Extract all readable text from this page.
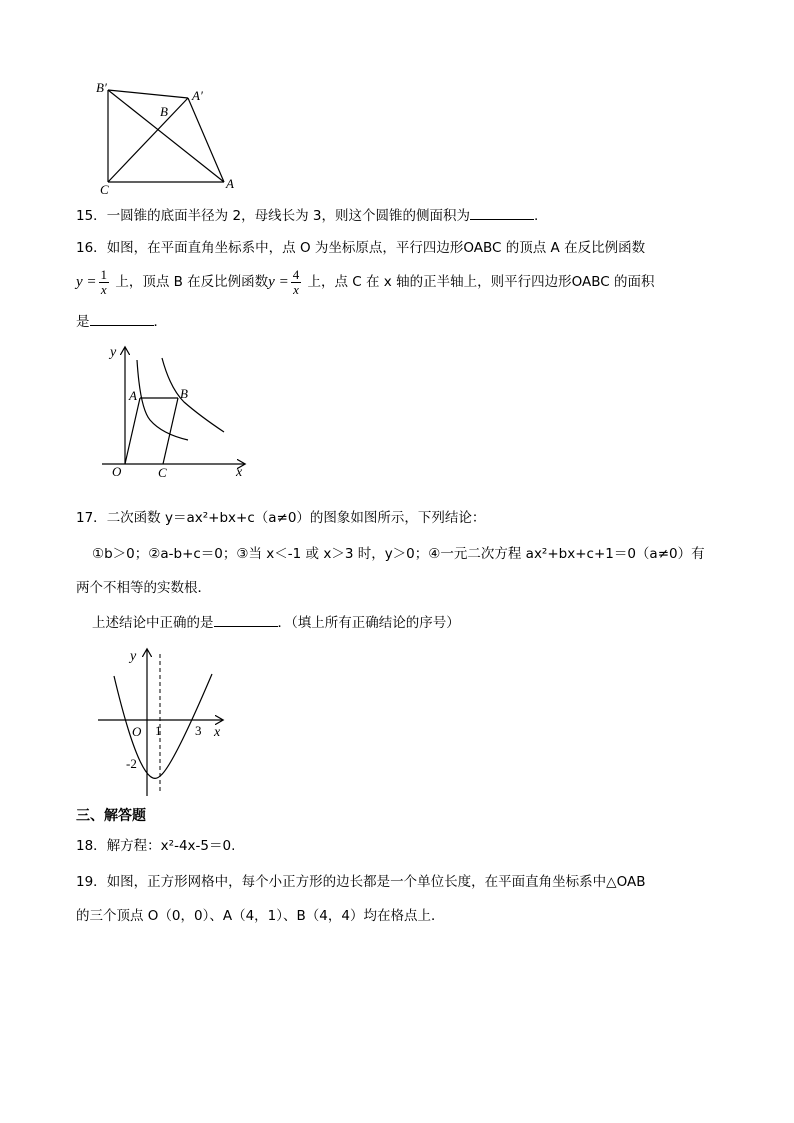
B′
A′
B
C	A
15．一圆锥的底面半径为 2，母线长为 3，则这个圆锥的侧面积为	.
16．如图，在平面直角坐标系中，点 O 为坐标原点，平行四边形OABC 的顶点 A 在反比例函数
$y = \frac{1}{x}$ 上，顶点 B 在反比例函数$y = \frac{4}{x}$ 上，点 C 在 x 轴的正半轴上，则平行四边形OABC 的面积
是	．
y
x
A	B
O	C
17．二次函数 y＝ax²+bx+c（a≠0）的图象如图所示，下列结论：
①b＞0；②a-b+c＝0；③当 x＜-1 或 x＞3 时，y＞0；④一元二次方程 ax²+bx+c+1＝0（a≠0）有
两个不相等的实数根．
上述结论中正确的是	．（填上所有正确结论的序号）
y
x
O 1	3
-2
三、解答题
18．解方程：x²-4x-5＝0.
19．如图，正方形网格中，每个小正方形的边长都是一个单位长度，在平面直角坐标系中△OAB
的三个顶点 O（0，0）、A（4，1）、B（4，4）均在格点上．
